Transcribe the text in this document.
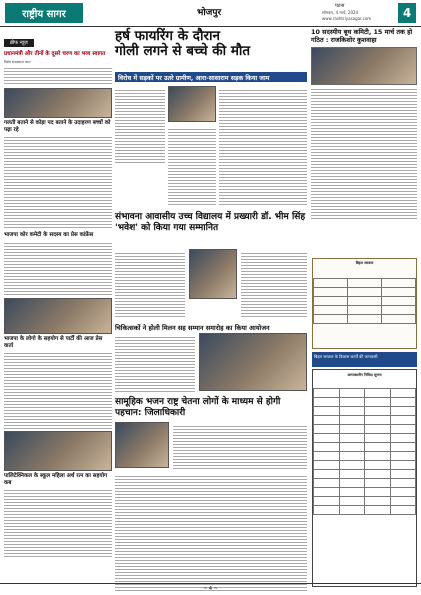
राष्ट्रीय सागर	भोजपुर
पटना
सोमवार, 4 मार्च, 2024
www.rashtriyasagar.com	4
ब्रीफ न्यूज़
प्रधानमंत्री और तीनों के दूसरे चरण का भव्य स्वागत
विशेष संवाददाता आरा
गलती बताने से कोड़ा पद बताने के उदाहरण बच्चों को पढ़ा रहे
भाजपा कोर कमेटी के सदस्य का प्रेस कांफ्रेंस
भाजपा के लोगो के सहयोग से पार्टी की आज प्रेस वार्ता
पालिटेक्निकल के स्कूल महिला अर्थ रत्न का सहयोग कब
हर्ष फायरिंग के दौरान
गोली लगने से बच्चे की मौत
विरोध में सड़कों पर उतरे ग्रामीण, आरा-सासाराम सड़क किया जाम
10 सदस्यीय बूथ कमिटी, 15 मार्च तक हो गठित : राजकिशोर कुशवाहा
संभावना आवासीय उच्च विद्यालय में प्रख्यारी डॉ. भीम सिंह 'भवेश' को किया गया सम्मानित
चिकित्सकों ने होली मिलन सह सम्मान समारोह का किया आयोजन
सामूहिक भजन राष्ट्र चेतना लोगों के माध्यम से होगी पहचान: जिलाधिकारी
बिहार सरकार

बिहार सरकार के विकास कार्यों की जानकारी
अल्पकालीन निविदा सूचना

~ 4 ~
